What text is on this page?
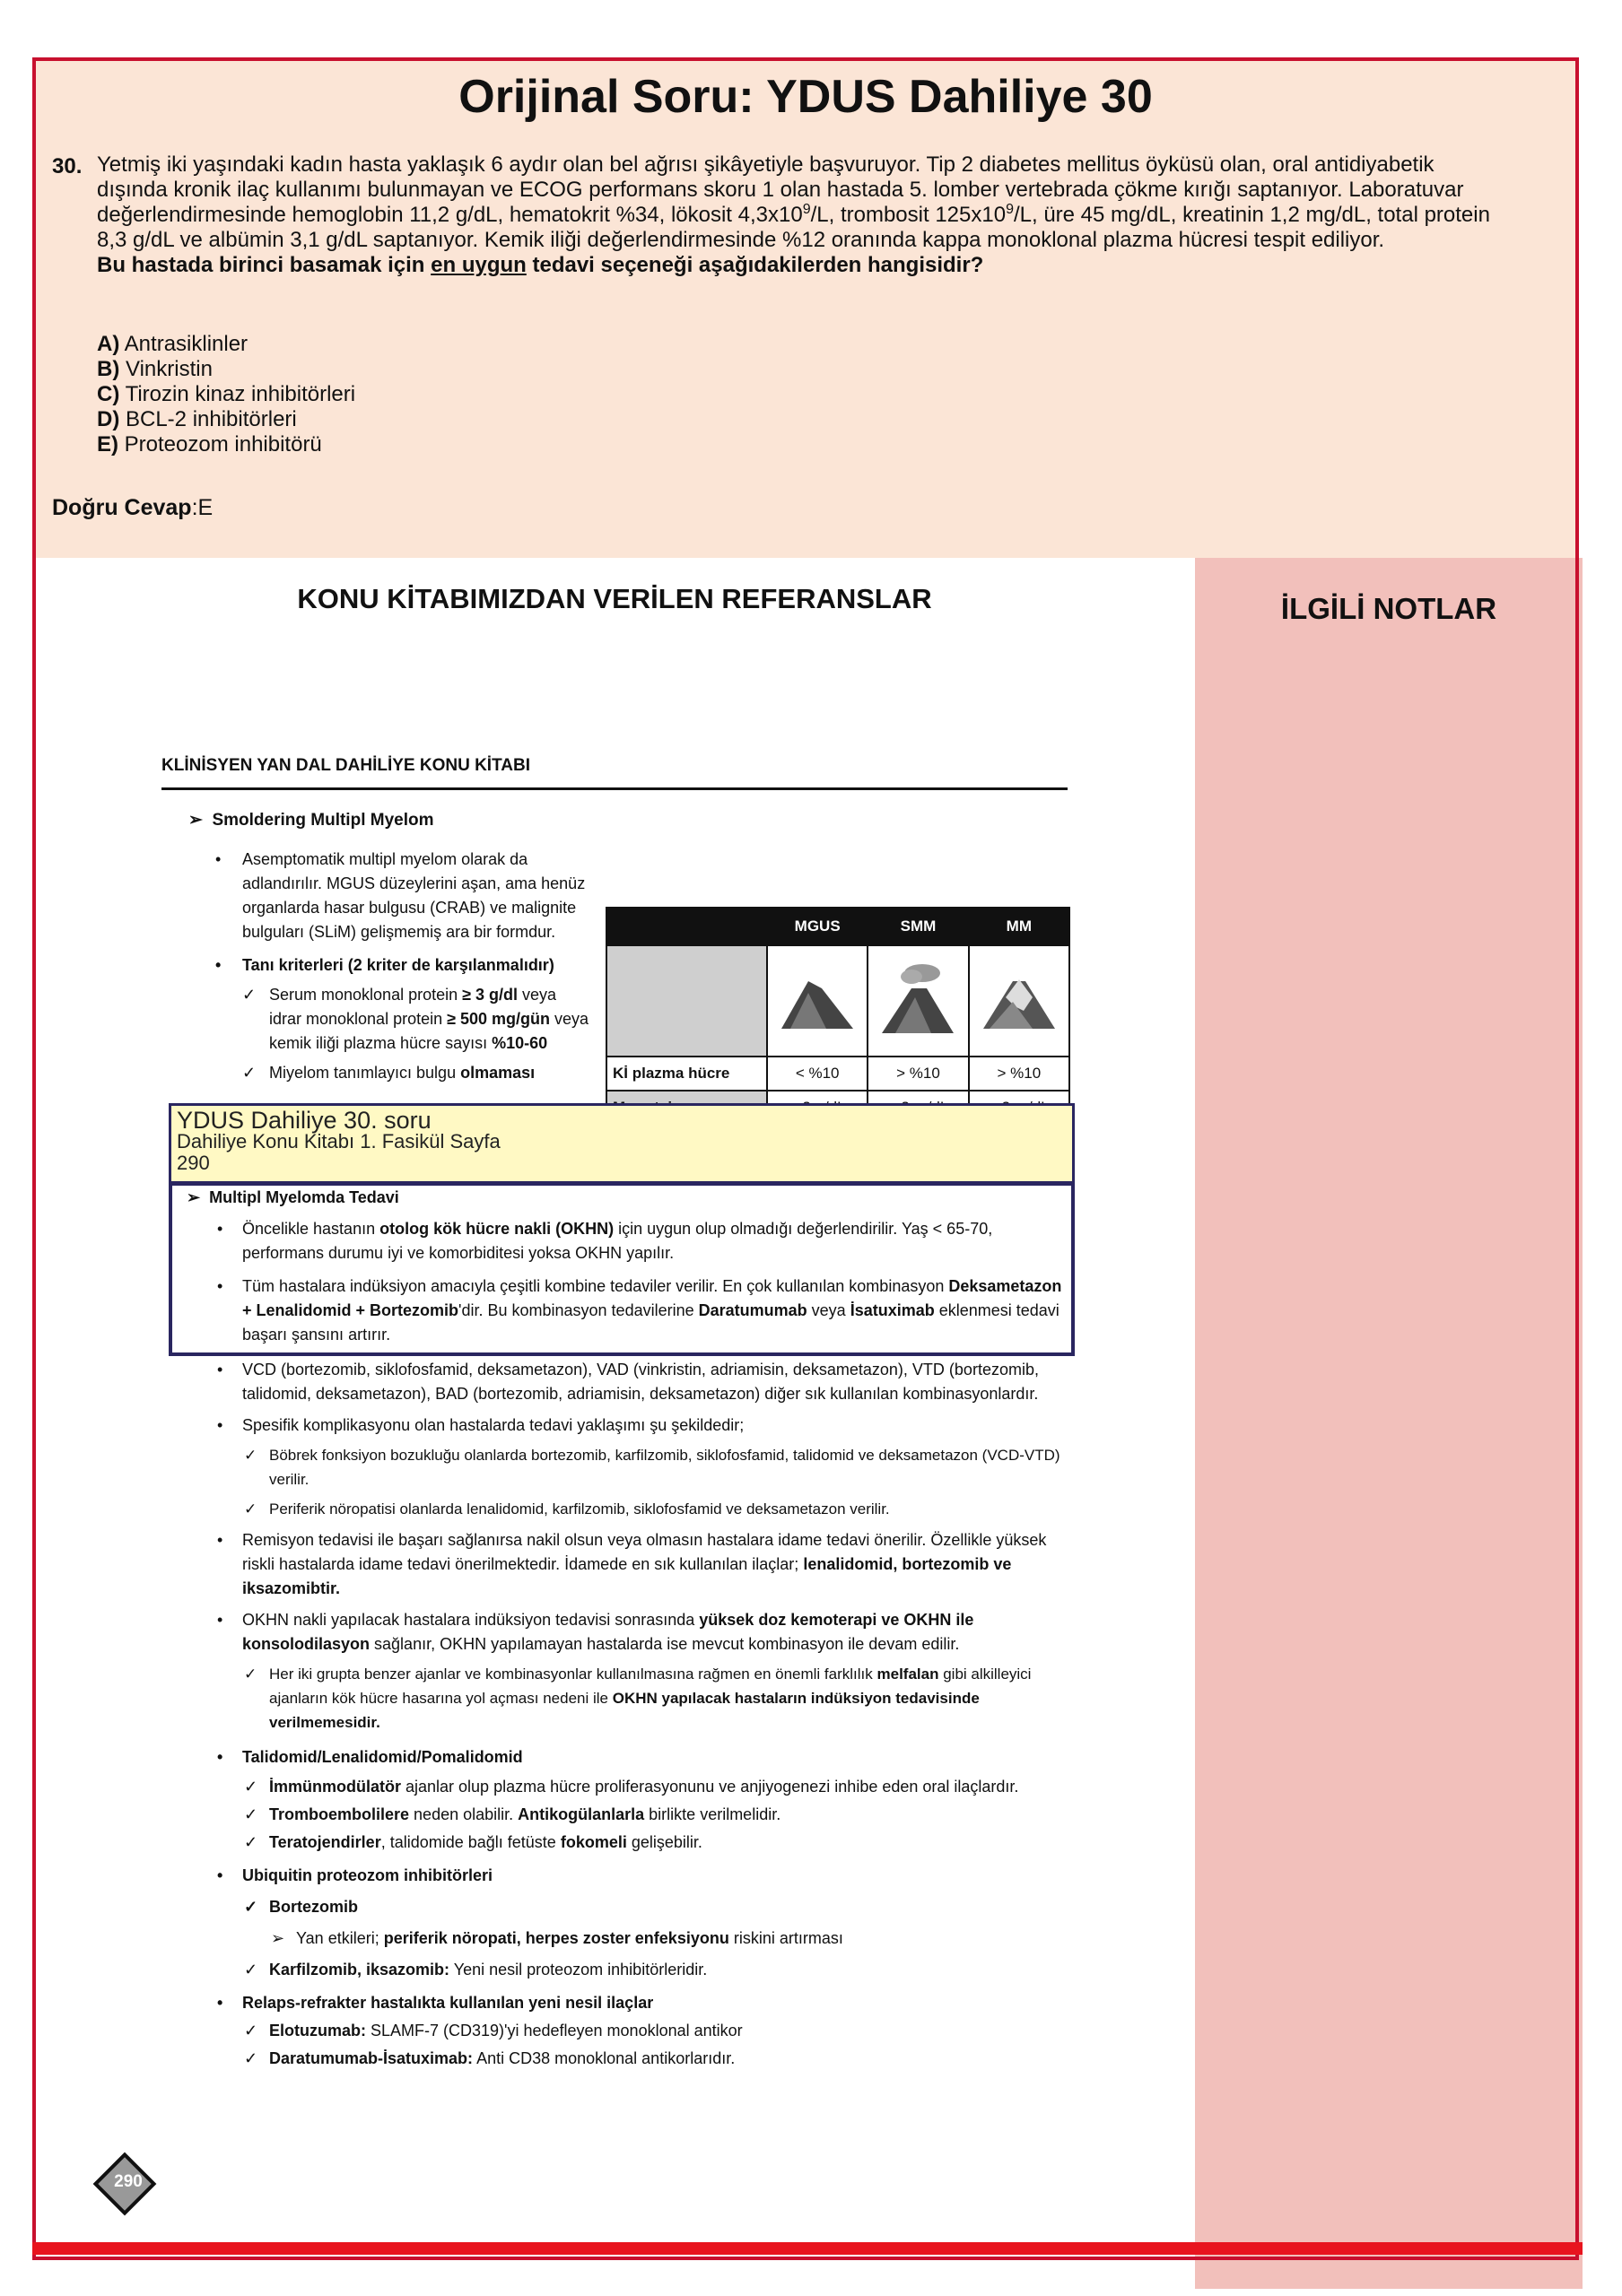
Orijinal Soru: YDUS Dahiliye 30
30. Yetmiş iki yaşındaki kadın hasta yaklaşık 6 aydır olan bel ağrısı şikâyetiyle başvuruyor. Tip 2 diabetes mellitus öyküsü olan, oral antidiyabetik dışında kronik ilaç kullanımı bulunmayan ve ECOG performans skoru 1 olan hastada 5. lomber vertebrada çökme kırığı saptanıyor. Laboratuvar değerlendirmesinde hemoglobin 11,2 g/dL, hematokrit %34, lökosit $4,3x10^9/L$, trombosit $125x10^9/L$, üre 45 mg/dL, kreatinin 1,2 mg/dL, total protein 8,3 g/dL ve albümin 3,1 g/dL saptanıyor. Kemik iliği değerlendirmesinde %12 oranında kappa monoklonal plazma hücresi tespit ediliyor.
Bu hastada birinci basamak için en uygun tedavi seçeneği aşağıdakilerden hangisidir?
A) Antrasiklinler
B) Vinkristin
C) Tirozin kinaz inhibitörleri
D) BCL-2 inhibitörleri
E) Proteozom inhibitörü
Doğru Cevap:E
KONU KİTABIMIZDAN VERİLEN REFERANSLAR	İLGİLİ NOTLAR
KLİNİSYEN YAN DAL DAHİLİYE KONU KİTABI
➢ Smoldering Multipl Myelom
• Asemptomatik multipl myelom olarak da adlandırılır. MGUS düzeylerini aşan, ama henüz organlarda hasar bulgusu (CRAB) ve malignite bulguları (SLiM) gelişmemiş ara bir formdur.
• Tanı kriterleri (2 kriter de karşılanmalıdır)
✓ Serum monoklonal protein ≥ 3 g/dl veya idrar monoklonal protein ≥ 500 mg/gün veya kemik iliği plazma hücre sayısı %10-60
✓ Miyelom tanımlayıcı bulgu olmaması
	MGUS	SMM	MM

Kİ plazma hücre	< %10	> %10	> %10

YDUS Dahiliye 30. soru
Dahiliye Konu Kitabı 1. Fasikül Sayfa
290
➢ Multipl Myelomda Tedavi
• Öncelikle hastanın otolog kök hücre nakli (OKHN) için uygun olup olmadığı değerlendirilir. Yaş < 65-70, performans durumu iyi ve komorbiditesi yoksa OKHN yapılır.
• Tüm hastalara indüksiyon amacıyla çeşitli kombine tedaviler verilir. En çok kullanılan kombinasyon Deksametazon + Lenalidomid + Bortezomib'dir. Bu kombinasyon tedavilerine Daratumumab veya İsatuximab eklenmesi tedavi başarı şansını artırır.
• VCD (bortezomib, siklofosfamid, deksametazon), VAD (vinkristin, adriamisin, deksametazon), VTD (bortezomib, talidomid, deksametazon), BAD (bortezomib, adriamisin, deksametazon) diğer sık kullanılan kombinasyonlardır.
• Spesifik komplikasyonu olan hastalarda tedavi yaklaşımı şu şekildedir;
✓ Böbrek fonksiyon bozukluğu olanlarda bortezomib, karfilzomib, siklofosfamid, talidomid ve deksametazon (VCD-VTD) verilir.
✓ Periferik nöropatisi olanlarda lenalidomid, karfilzomib, siklofosfamid ve deksametazon verilir.
• Remisyon tedavisi ile başarı sağlanırsa nakil olsun veya olmasın hastalara idame tedavi önerilir. Özellikle yüksek riskli hastalarda idame tedavi önerilmektedir. İdamede en sık kullanılan ilaçlar; lenalidomid, bortezomib ve iksazomibtir.
• OKHN nakli yapılacak hastalara indüksiyon tedavisi sonrasında yüksek doz kemoterapi ve OKHN ile konsolodilasyon sağlanır, OKHN yapılamayan hastalarda ise mevcut kombinasyon ile devam edilir.
✓ Her iki grupta benzer ajanlar ve kombinasyonlar kullanılmasına rağmen en önemli farklılık melfalan gibi alkilleyici ajanların kök hücre hasarına yol açması nedeni ile OKHN yapılacak hastaların indüksiyon tedavisinde verilmemesidir.
• Talidomid/Lenalidomid/Pomalidomid
✓ İmmünmodülatör ajanlar olup plazma hücre proliferasyonunu ve anjiyogenezi inhibe eden oral ilaçlardır.
✓ Tromboembolilere neden olabilir. Antikogülanlarla birlikte verilmelidir.
✓ Teratojendirler, talidomide bağlı fetüste fokomeli gelişebilir.
• Ubiquitin proteozom inhibitörleri
✓ Bortezomib
➢ Yan etkileri; periferik nöropati, herpes zoster enfeksiyonu riskini artırması
✓ Karfilzomib, iksazomib: Yeni nesil proteozom inhibitörleridir.
• Relaps-refrakter hastalıkta kullanılan yeni nesil ilaçlar
✓ Elotuzumab: SLAMF-7 (CD319)'yi hedefleyen monoklonal antikor
✓ Daratumumab-İsatuximab: Anti CD38 monoklonal antikorlarıdır.
290
